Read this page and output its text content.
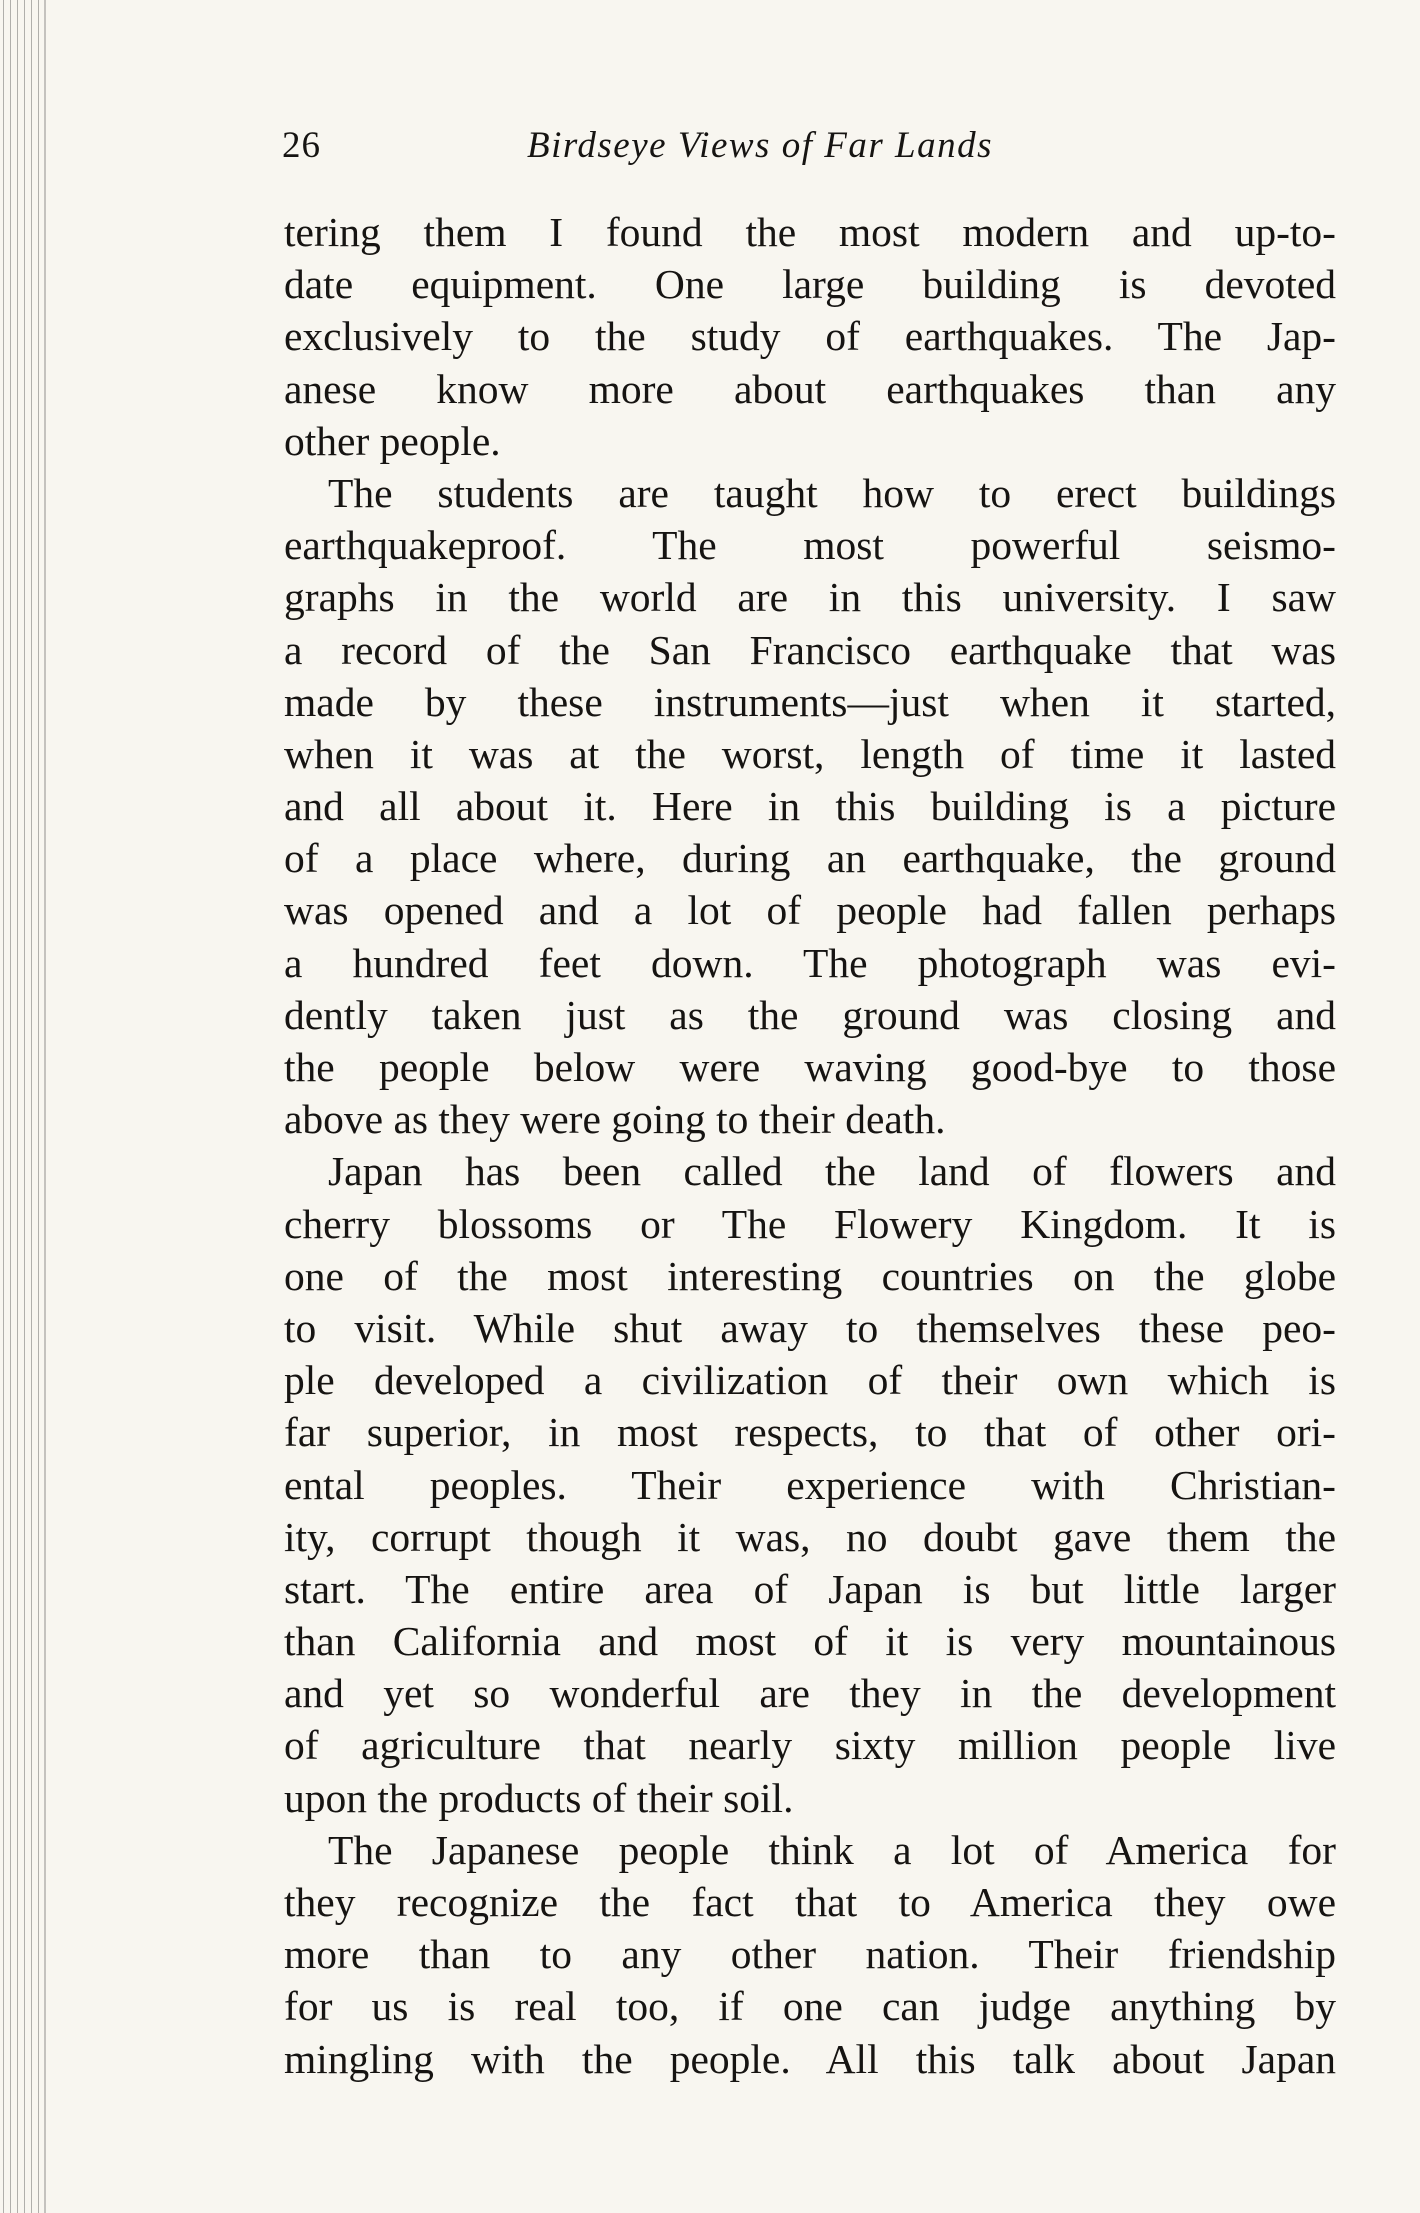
26	Birdseye Views of Far Lands
tering them I found the most modern and up-to-
date equipment. One large building is devoted
exclusively to the study of earthquakes. The Jap-
anese know more about earthquakes than any
other people.
The students are taught how to erect buildings
earthquakeproof. The most powerful seismo-
graphs in the world are in this university. I saw
a record of the San Francisco earthquake that was
made by these instruments—just when it started,
when it was at the worst, length of time it lasted
and all about it. Here in this building is a picture
of a place where, during an earthquake, the ground
was opened and a lot of people had fallen perhaps
a hundred feet down. The photograph was evi-
dently taken just as the ground was closing and
the people below were waving good-bye to those
above as they were going to their death.
Japan has been called the land of flowers and
cherry blossoms or The Flowery Kingdom. It is
one of the most interesting countries on the globe
to visit. While shut away to themselves these peo-
ple developed a civilization of their own which is
far superior, in most respects, to that of other ori-
ental peoples. Their experience with Christian-
ity, corrupt though it was, no doubt gave them the
start. The entire area of Japan is but little larger
than California and most of it is very mountainous
and yet so wonderful are they in the development
of agriculture that nearly sixty million people live
upon the products of their soil.
The Japanese people think a lot of America for
they recognize the fact that to America they owe
more than to any other nation. Their friendship
for us is real too, if one can judge anything by
mingling with the people. All this talk about Japan
